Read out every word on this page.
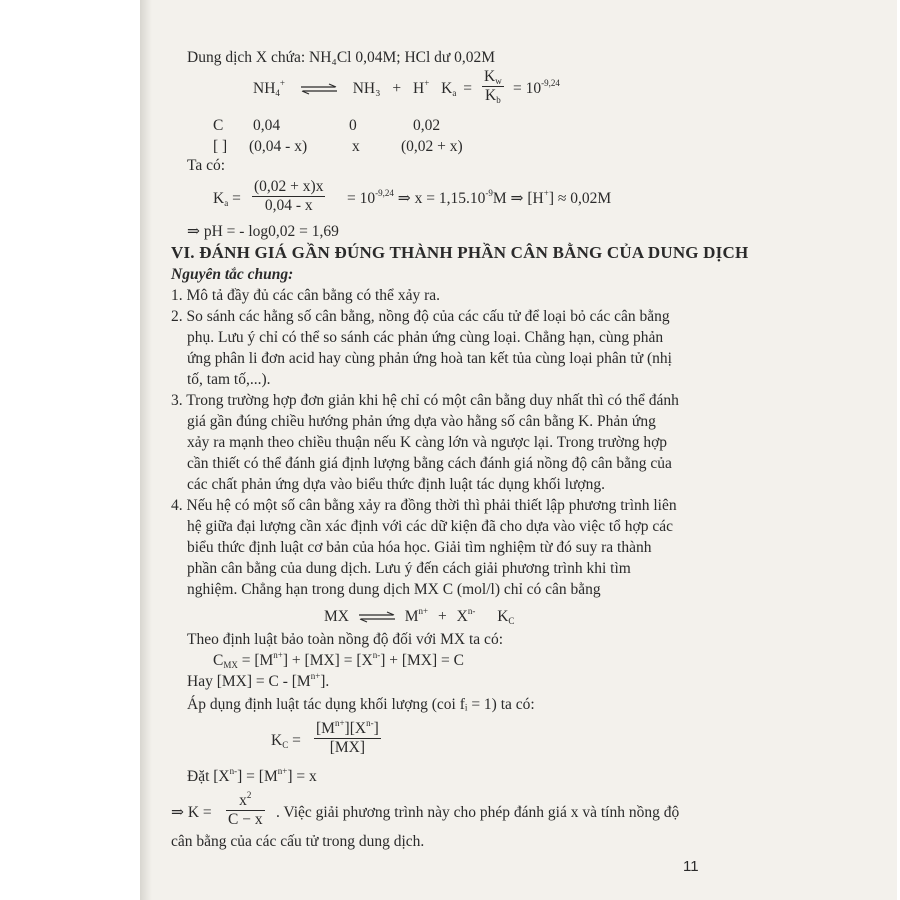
Dung dịch X chứa: NH₄Cl 0,04M; HCl dư 0,02M
$NH_4^+$ ⇌ NH₃ + H+ $K_a = \frac{K_w}{K_b} = 10^{-9,24}$
C 0,04	0	0,02
[ ] (0,04 - x)	x	(0,02 + x)
Ta có:
$K_a = \frac{(0,02 + x)x}{0,04 - x} = 10^{-9,24}$ ⇒ $x = 1,15.10^{-9}M$ ⇒ [H+] ≈ 0,02M
⇒ pH = - log0,02 = 1,69
VI. ĐÁNH GIÁ GẦN ĐÚNG THÀNH PHẦN CÂN BẰNG CỦA DUNG DỊCH
Nguyên tắc chung:
1. Mô tả đầy đủ các cân bằng có thể xảy ra.
2. So sánh các hằng số cân bằng, nồng độ của các cấu tử để loại bỏ các cân bằng
phụ. Lưu ý chỉ có thể so sánh các phản ứng cùng loại. Chẳng hạn, cùng phản
ứng phân li đơn acid hay cùng phản ứng hoà tan kết tủa cùng loại phân tử (nhị
tố, tam tố,...).
3. Trong trường hợp đơn giản khi hệ chỉ có một cân bằng duy nhất thì có thể đánh
giá gần đúng chiều hướng phản ứng dựa vào hằng số cân bằng K. Phản ứng
xảy ra mạnh theo chiều thuận nếu K càng lớn và ngược lại. Trong trường hợp
cần thiết có thể đánh giá định lượng bằng cách đánh giá nồng độ cân bằng của
các chất phản ứng dựa vào biểu thức định luật tác dụng khối lượng.
4. Nếu hệ có một số cân bằng xảy ra đồng thời thì phải thiết lập phương trình liên
hệ giữa đại lượng cần xác định với các dữ kiện đã cho dựa vào việc tổ hợp các
biểu thức định luật cơ bản của hóa học. Giải tìm nghiệm từ đó suy ra thành
phần cân bằng của dung dịch. Lưu ý đến cách giải phương trình khi tìm
nghiệm. Chẳng hạn trong dung dịch MX C (mol/l) chỉ có cân bằng
MX ⇌ $M^{n+} + X^{n-}$ $K_C$
Theo định luật bảo toàn nồng độ đối với MX ta có:
$C_{MX} = [M^{n+}] + [MX] = [X^{n-}] + [MX] = C$
Hay $[MX] = C - [M^{n+}]$.
Áp dụng định luật tác dụng khối lượng (coi fᵢ = 1) ta có:
$K_C = \frac{[M^{n+}][X^{n-}]}{[MX]}$
Đặt $[X^{n-}] = [M^{n+}] = x$
⇒ $K = \frac{x^2}{C - x}$ . Việc giải phương trình này cho phép đánh giá x và tính nồng độ
cân bằng của các cấu tử trong dung dịch.
11
